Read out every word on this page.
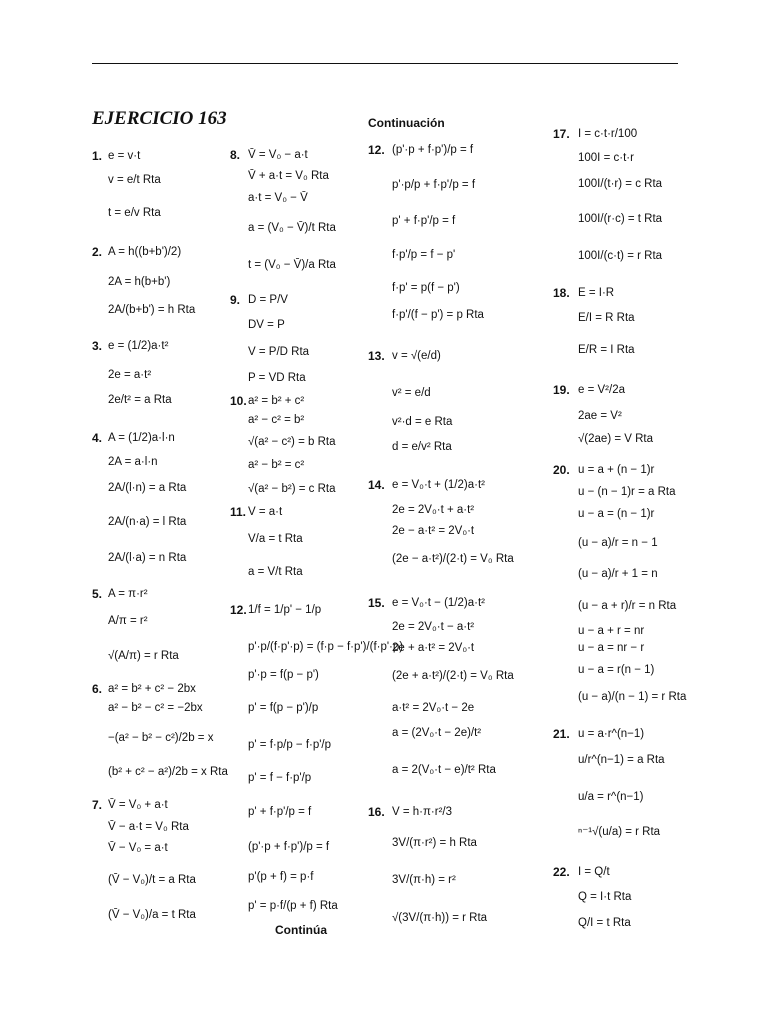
EJERCICIO 163	Continuación
Continúa
1. e = v·t
v = e/t Rta
t = e/v Rta
2. A = h((b+b')/2)
2A = h(b+b')
2A/(b+b') = h Rta
3. e = (1/2)a·t²
2e = a·t²
2e/t² = a Rta
4. A = (1/2)a·l·n
2A = a·l·n
2A/(l·n) = a Rta
2A/(n·a) = l Rta
2A/(l·a) = n Rta
5. A = π·r²
A/π = r²
√(A/π) = r Rta
6. a² = b² + c² − 2bx
a² − b² − c² = −2bx
−(a² − b² − c²)/2b = x
(b² + c² − a²)/2b = x Rta
7. V̄ = V₀ + a·t
V̄ − a·t = V₀ Rta
V̄ − V₀ = a·t
(V̄ − V₀)/t = a Rta
(V̄ − V₀)/a = t Rta
8. V̄ = V₀ − a·t
V̄ + a·t = V₀ Rta
a·t = V₀ − V̄
a = (V₀ − V̄)/t Rta
t = (V₀ − V̄)/a Rta
9. D = P/V
DV = P
V = P/D Rta
P = VD Rta
10. a² = b² + c²
a² − c² = b²
√(a² − c²) = b Rta
a² − b² = c²
√(a² − b²) = c Rta
11. V = a·t
V/a = t Rta
a = V/t Rta
12. 1/f = 1/p' − 1/p
p'·p/(f·p'·p) = (f·p − f·p')/(f·p'·p)
p'·p = f(p − p')
p' = f(p − p')/p
p' = f·p/p − f·p'/p
p' = f − f·p'/p
p' + f·p'/p = f
(p'·p + f·p')/p = f
p'(p + f) = p·f
p' = p·f/(p + f) Rta
12. (p'·p + f·p')/p = f
p'·p/p + f·p'/p = f
p' + f·p'/p = f
f·p'/p = f − p'
f·p' = p(f − p')
f·p'/(f − p') = p Rta
13. v = √(e/d)
v² = e/d
v²·d = e Rta
d = e/v² Rta
14. e = V₀·t + (1/2)a·t²
2e = 2V₀·t + a·t²
2e − a·t² = 2V₀·t
(2e − a·t²)/(2·t) = V₀ Rta
15. e = V₀·t − (1/2)a·t²
2e = 2V₀·t − a·t²
2e + a·t² = 2V₀·t
(2e + a·t²)/(2·t) = V₀ Rta
a·t² = 2V₀·t − 2e
a = (2V₀·t − 2e)/t²
a = 2(V₀·t − e)/t² Rta
16. V = h·π·r²/3
3V/(π·r²) = h Rta
3V/(π·h) = r²
√(3V/(π·h)) = r Rta
17. I = c·t·r/100
100I = c·t·r
100I/(t·r) = c Rta
100I/(r·c) = t Rta
100I/(c·t) = r Rta
18. E = I·R
E/I = R Rta
E/R = I Rta
19. e = V²/2a
2ae = V²
√(2ae) = V Rta
20. u = a + (n − 1)r
u − (n − 1)r = a Rta
u − a = (n − 1)r
(u − a)/r = n − 1
(u − a)/r + 1 = n
(u − a + r)/r = n Rta
u − a + r = nr
u − a = nr − r
u − a = r(n − 1)
(u − a)/(n − 1) = r Rta
21. u = a·r^(n−1)
u/r^(n−1) = a Rta
u/a = r^(n−1)
ⁿ⁻¹√(u/a) = r Rta
22. I = Q/t
Q = I·t Rta
Q/I = t Rta
